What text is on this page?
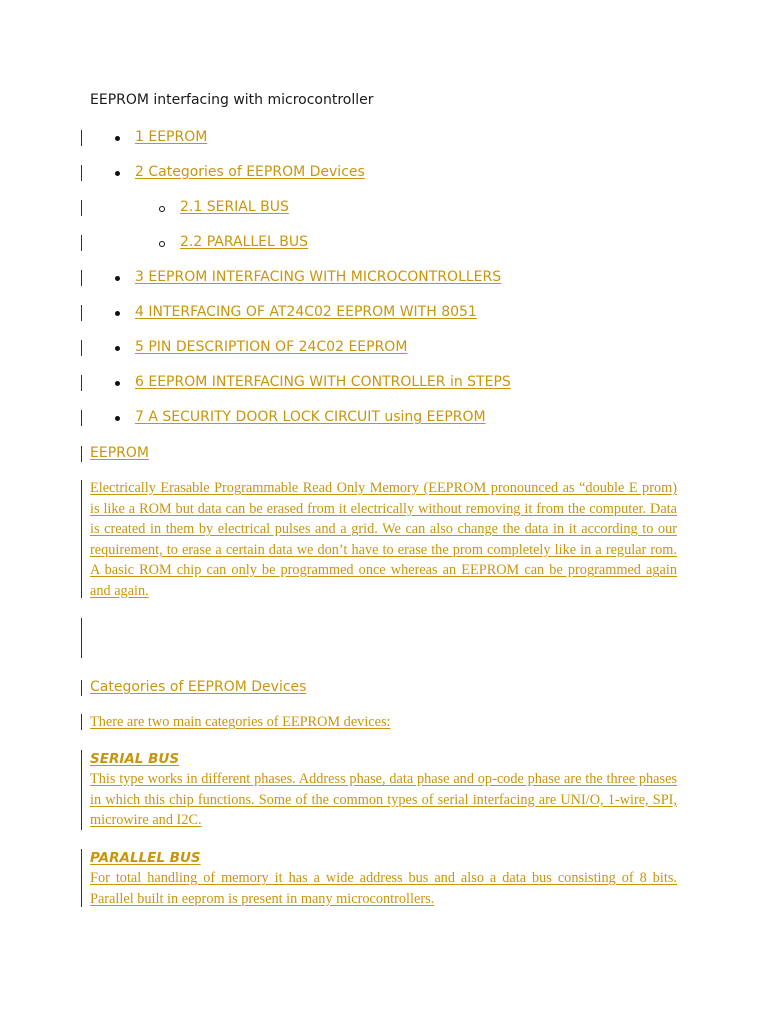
EEPROM interfacing with microcontroller
1 EEPROM
2 Categories of EEPROM Devices
2.1 SERIAL BUS
2.2 PARALLEL BUS
3 EEPROM INTERFACING WITH MICROCONTROLLERS
4 INTERFACING OF AT24C02 EEPROM WITH 8051
5 PIN DESCRIPTION OF 24C02 EEPROM
6 EEPROM INTERFACING WITH CONTROLLER in STEPS
7 A SECURITY DOOR LOCK CIRCUIT using EEPROM
EEPROM
Electrically Erasable Programmable Read Only Memory (EEPROM pronounced as “double E prom) is like a ROM but data can be erased from it electrically without removing it from the computer. Data is created in them by electrical pulses and a grid. We can also change the data in it according to our requirement, to erase a certain data we don’t have to erase the prom completely like in a regular rom. A basic ROM chip can only be programmed once whereas an EEPROM can be programmed again and again.
Categories of EEPROM Devices
There are two main categories of EEPROM devices:
SERIAL BUS
This type works in different phases. Address phase, data phase and op-code phase are the three phases in which this chip functions. Some of the common types of serial interfacing are UNI/O, 1-wire, SPI, microwire and I2C.
PARALLEL BUS
For total handling of memory it has a wide address bus and also a data bus consisting of 8 bits. Parallel built in eeprom is present in many microcontrollers.
